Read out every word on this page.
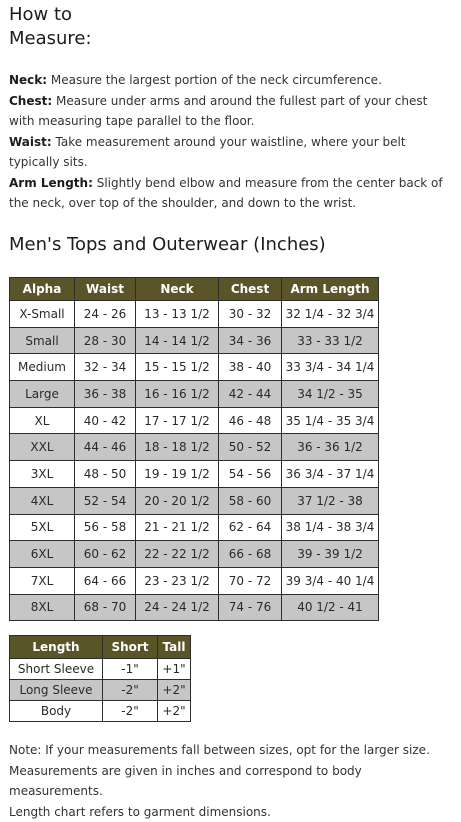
How to
Measure:

Neck: Measure the largest portion of the neck circumference.

Chest: Measure under arms and around the fullest part of your chest with measuring tape parallel to the floor.

Waist: Take measurement around your waistline, where your belt typically sits.

Arm Length: Slightly bend elbow and measure from the center back of the neck, over top of the shoulder, and down to the wrist.

Men's Tops and Outerwear (Inches)
Alpha	Waist	Neck	Chest	Arm Length
X-Small	24 - 26	13 - 13 1/2	30 - 32	32 1/4 - 32 3/4
Small	28 - 30	14 - 14 1/2	34 - 36	33 - 33 1/2
Medium	32 - 34	15 - 15 1/2	38 - 40	33 3/4 - 34 1/4
Large	36 - 38	16 - 16 1/2	42 - 44	34 1/2 - 35
XL	40 - 42	17 - 17 1/2	46 - 48	35 1/4 - 35 3/4
XXL	44 - 46	18 - 18 1/2	50 - 52	36 - 36 1/2
3XL	48 - 50	19 - 19 1/2	54 - 56	36 3/4 - 37 1/4
4XL	52 - 54	20 - 20 1/2	58 - 60	37 1/2 - 38
5XL	56 - 58	21 - 21 1/2	62 - 64	38 1/4 - 38 3/4
6XL	60 - 62	22 - 22 1/2	66 - 68	39 - 39 1/2
7XL	64 - 66	23 - 23 1/2	70 - 72	39 3/4 - 40 1/4
8XL	68 - 70	24 - 24 1/2	74 - 76	40 1/2 - 41
Length	Short	Tall
Short Sleeve	-1"	+1"
Long Sleeve	-2"	+2"
Body	-2"	+2"

Note: If your measurements fall between sizes, opt for the larger size.

Measurements are given in inches and correspond to body measurements.

Length chart refers to garment dimensions.
